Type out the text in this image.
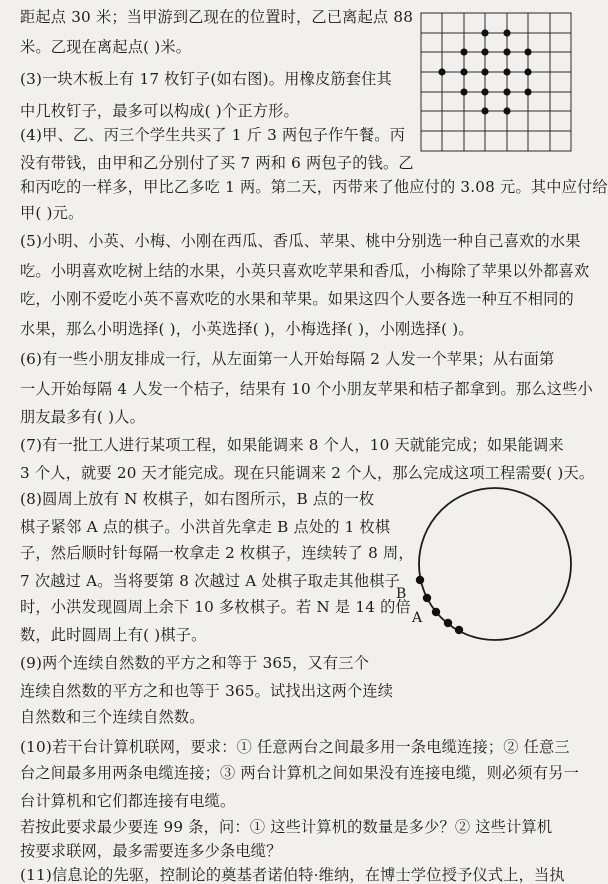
距起点 30 米；当甲游到乙现在的位置时，乙已离起点 88
米。乙现在离起点( )米。
(3)一块木板上有 17 枚钉子(如右图)。用橡皮筋套住其
中几枚钉子，最多可以构成( )个正方形。
(4)甲、乙、丙三个学生共买了 1 斤 3 两包子作午餐。丙
没有带钱，由甲和乙分别付了买 7 两和 6 两包子的钱。乙
和丙吃的一样多，甲比乙多吃 1 两。第二天，丙带来了他应付的 3.08 元。其中应付给
甲( )元。
(5)小明、小英、小梅、小刚在西瓜、香瓜、苹果、桃中分别选一种自己喜欢的水果
吃。小明喜欢吃树上结的水果，小英只喜欢吃苹果和香瓜，小梅除了苹果以外都喜欢
吃，小刚不爱吃小英不喜欢吃的水果和苹果。如果这四个人要各选一种互不相同的
水果，那么小明选择( )，小英选择( )，小梅选择( )，小刚选择( )。
(6)有一些小朋友排成一行，从左面第一人开始每隔 2 人发一个苹果；从右面第
一人开始每隔 4 人发一个桔子，结果有 10 个小朋友苹果和桔子都拿到。那么这些小
朋友最多有( )人。
(7)有一批工人进行某项工程，如果能调来 8 个人，10 天就能完成；如果能调来
3 个人，就要 20 天才能完成。现在只能调来 2 个人，那么完成这项工程需要( )天。
(8)圆周上放有 N 枚棋子，如右图所示，B 点的一枚
棋子紧邻 A 点的棋子。小洪首先拿走 B 点处的 1 枚棋
子，然后顺时针每隔一枚拿走 2 枚棋子，连续转了 8 周，
7 次越过 A。当将要第 8 次越过 A 处棋子取走其他棋子
时，小洪发现圆周上余下 10 多枚棋子。若 N 是 14 的倍
数，此时圆周上有( )棋子。
(9)两个连续自然数的平方之和等于 365，又有三个
连续自然数的平方之和也等于 365。试找出这两个连续
自然数和三个连续自然数。
(10)若干台计算机联网，要求：① 任意两台之间最多用一条电缆连接；② 任意三
台之间最多用两条电缆连接；③ 两台计算机之间如果没有连接电缆，则必须有另一
台计算机和它们都连接有电缆。
若按此要求最少要连 99 条，问：① 这些计算机的数量是多少？② 这些计算机
按要求联网，最多需要连多少条电缆？
(11)信息论的先驱，控制论的奠基者诺伯特·维纳，在博士学位授予仪式上，当执
B
A
